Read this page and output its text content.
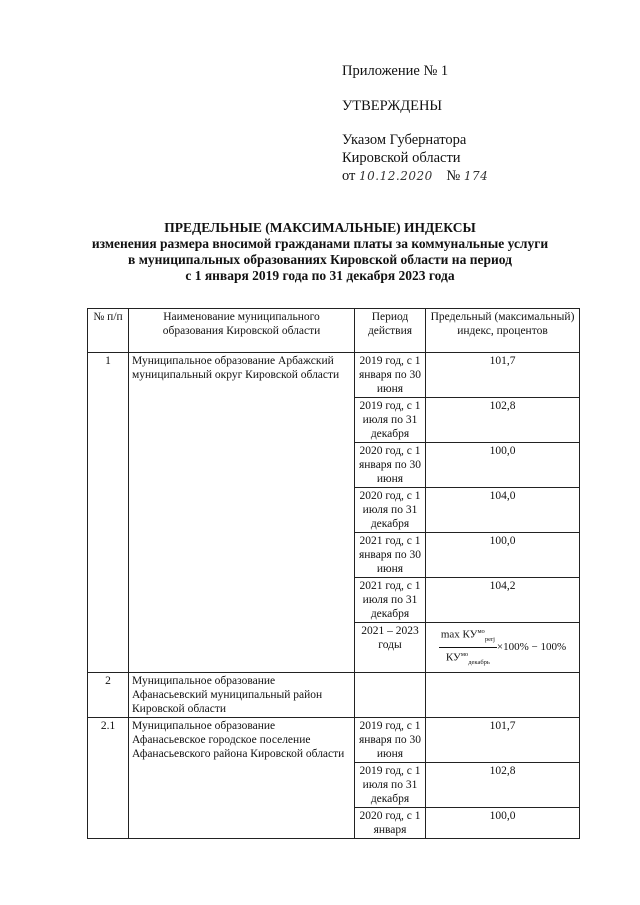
Приложение № 1
УТВЕРЖДЕНЫ
Указом Губернатора
Кировской области
от 10.12.2020 № 174
ПРЕДЕЛЬНЫЕ (МАКСИМАЛЬНЫЕ) ИНДЕКСЫ
изменения размера вносимой гражданами платы за коммунальные услуги
в муниципальных образованиях Кировской области на период
с 1 января 2019 года по 31 декабря 2023 года
№ п/п	Наименование муниципального образования Кировской области	Период действия	Предельный (максимальный) индекс, процентов
1	Муниципальное образование Арбажский муниципальный округ Кировской области	2019 год, с 1 января по 30 июня	101,7
		2019 год, с 1 июля по 31 декабря	102,8
		2020 год, с 1 января по 30 июня	100,0
		2020 год, с 1 июля по 31 декабря	104,0
		2021 год, с 1 января по 30 июня	100,0
		2021 год, с 1 июля по 31 декабря	104,2
		2021 – 2023 годы	$\frac{\max КУ^{мо}_{perj}}{КУ^{мо}_{декабрь}} \times 100\% - 100\%$
2	Муниципальное образование Афанасьевский муниципальный район Кировской области		
2.1	Муниципальное образование Афанасьевское городское поселение Афанасьевского района Кировской области	2019 год, с 1 января по 30 июня	101,7
		2019 год, с 1 июля по 31 декабря	102,8
		2020 год, с 1 января	100,0
